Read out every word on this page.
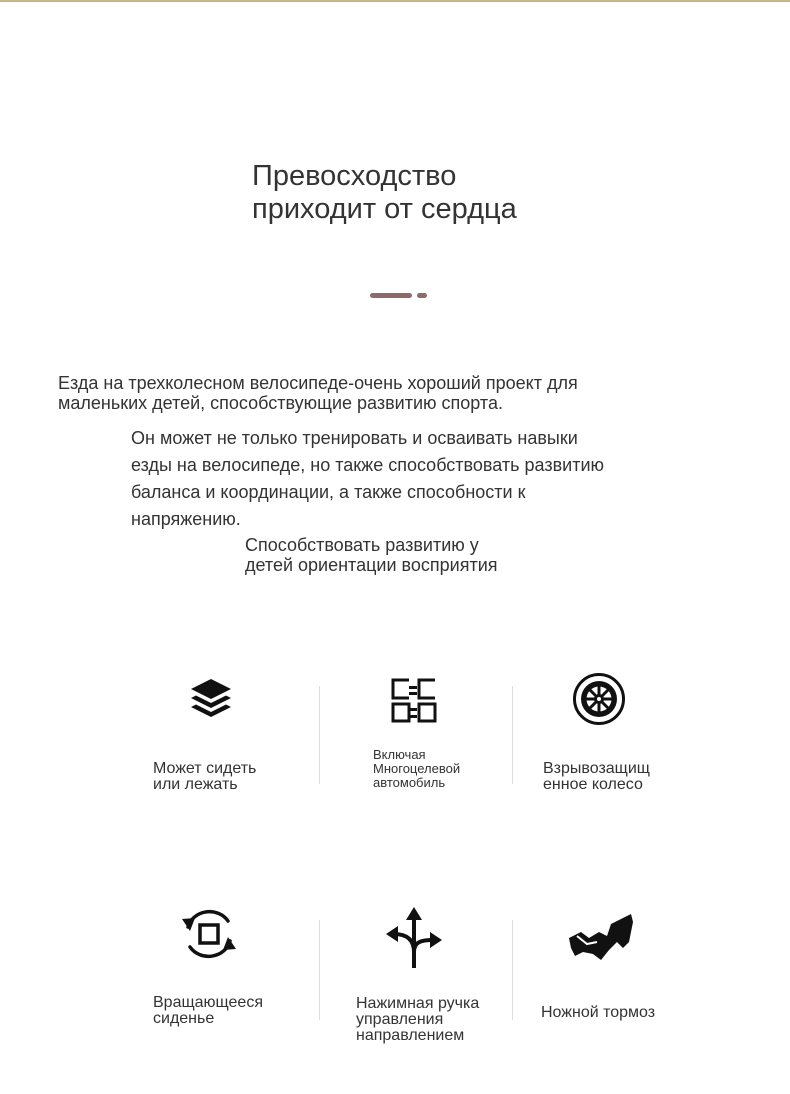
Превосходство
приходит от сердца
Езда на трехколесном велосипеде-очень хороший проект для
маленьких детей, способствующие развитию спорта.
Он может не только тренировать и осваивать навыки
езды на велосипеде, но также способствовать развитию
баланса и координации, а также способности к
напряжению.
Способствовать развитию у
детей ориентации восприятия
Может сидеть
или лежать
Включая
Многоцелевой
автомобиль
Взрывозащищ
енное колесо
Вращающееся
сиденье
Нажимная ручка
управления
направлением
Ножной тормоз
